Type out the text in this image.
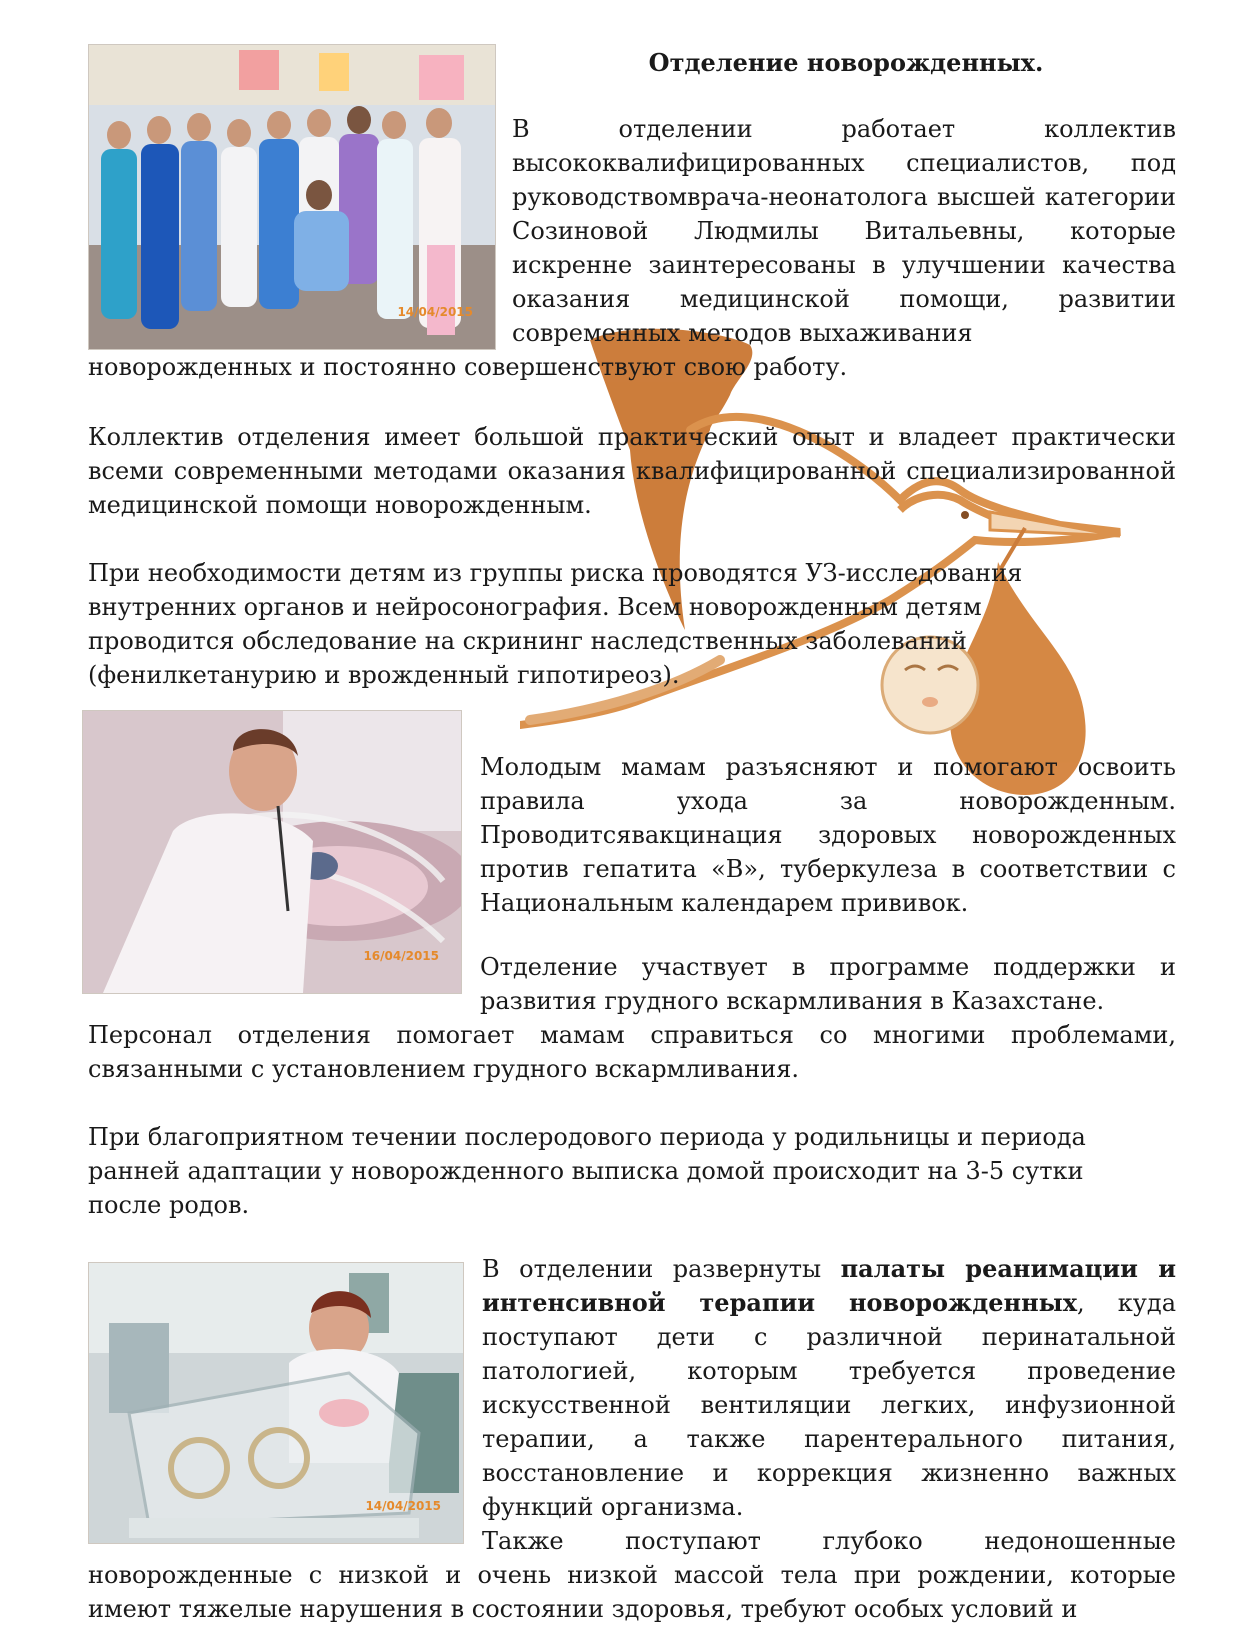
14/04/2015

Отделение новорожденных.

В отделении работает коллектив высококвалифицированных специалистов, под руководствомврача-неонатолога высшей категории Созиновой Людмилы Витальевны, которые искренне заинтересованы в улучшении качества оказания медицинской помощи, развитии современных методов выхаживания

новорожденных и постоянно совершенствуют свою работу.

Коллектив отделения имеет большой практический опыт и владеет практически всеми современными методами оказания квалифицированной специализированной медицинской помощи новорожденным.

При необходимости детям из группы риска проводятся УЗ-исследования
внутренних органов и нейросонография. Всем новорожденным детям
проводится обследование на скрининг наследственных заболеваний
(фенилкетанурию и врожденный гипотиреоз).
16/04/2015

Молодым мамам разъясняют и помогают освоить правила ухода за новорожденным. Проводитсявакцинация здоровых новорожденных против гепатита «В», туберкулеза в соответствии с Национальным календарем прививок.

Отделение участвует в программе поддержки и развития грудного вскармливания в Казахстане.

Персонал отделения помогает мамам справиться со многими проблемами, связанными с установлением грудного вскармливания.

При благоприятном течении послеродового периода у родильницы и периода
ранней адаптации у новорожденного выписка домой происходит на 3-5 сутки
после родов.
14/04/2015

В отделении развернуты палаты реанимации и интенсивной терапии новорожденных, куда поступают дети с различной перинатальной патологией, которым требуется проведение искусственной вентиляции легких, инфузионной терапии, а также парентерального питания, восстановление и коррекция жизненно важных функций организма.

Также поступают глубоко недоношенные

новорожденные с низкой и очень низкой массой тела при рождении, которые имеют тяжелые нарушения в состоянии здоровья, требуют особых условий и
